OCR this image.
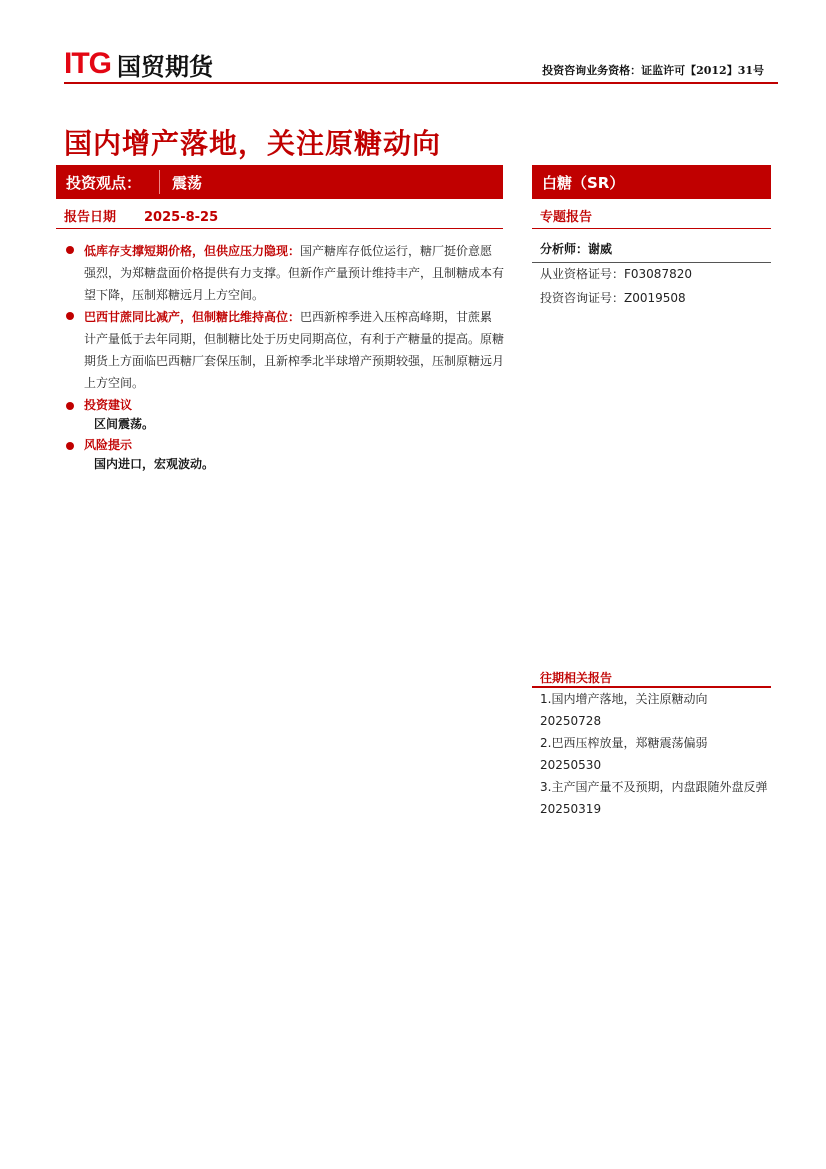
ITG 国贸期货	投资咨询业务资格：证监许可【2012】31号
国内增产落地，关注原糖动向
投资观点： 震荡	白糖（SR）
报告日期 2025-8-25	专题报告
低库存支撑短期价格，但供应压力隐现：国产糖库存低位运行，糖厂挺价意愿强烈，为郑糖盘面价格提供有力支撑。但新作产量预计维持丰产，且制糖成本有望下降，压制郑糖远月上方空间。
巴西甘蔗同比减产，但制糖比维持高位：巴西新榨季进入压榨高峰期，甘蔗累计产量低于去年同期，但制糖比处于历史同期高位，有利于产糖量的提高。原糖期货上方面临巴西糖厂套保压制，且新榨季北半球增产预期较强，压制原糖远月上方空间。
投资建议
区间震荡。
风险提示
国内进口，宏观波动。
分析师：谢威
从业资格证号：F03087820
投资咨询证号：Z0019508
往期相关报告
1.国内增产落地，关注原糖动向 20250728
2.巴西压榨放量，郑糖震荡偏弱 20250530
3.主产国产量不及预期，内盘跟随外盘反弹 20250319
